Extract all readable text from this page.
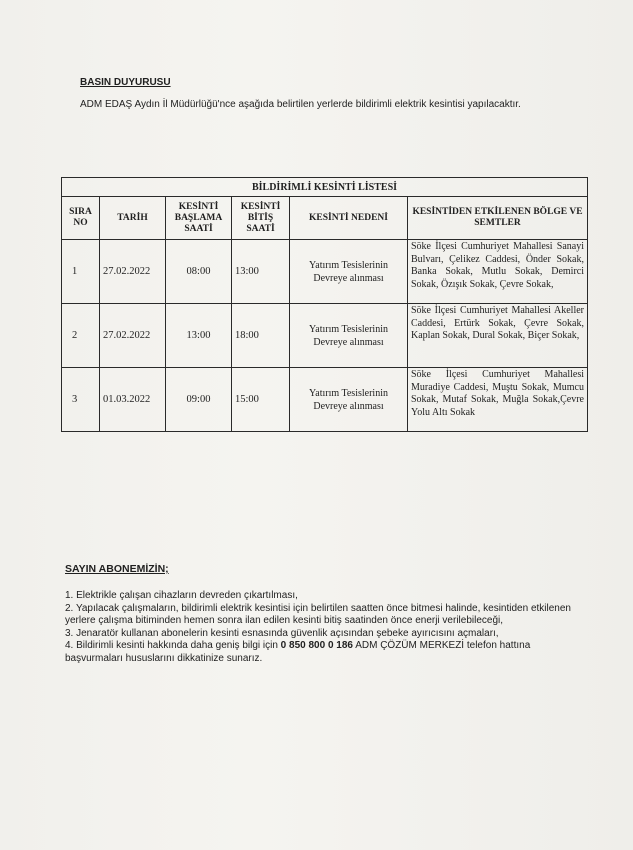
BASIN DUYURUSU
ADM EDAŞ Aydın İl Müdürlüğü'nce aşağıda belirtilen yerlerde bildirimli elektrik kesintisi yapılacaktır.
BİLDİRİMLİ KESİNTİ LİSTESİ					
SIRA NO	TARİH	KESİNTİ BAŞLAMA SAATİ	KESİNTİ BİTİŞ SAATİ	KESİNTİ NEDENİ	KESİNTİDEN ETKİLENEN BÖLGE VE SEMTLER
1	27.02.2022	08:00	13:00	Yatırım Tesislerinin Devreye alınması	Söke İlçesi Cumhuriyet Mahallesi Sanayi Bulvarı, Çelikez Caddesi, Önder Sokak, Banka Sokak, Mutlu Sokak, Demirci Sokak, Özışık Sokak, Çevre Sokak,
2	27.02.2022	13:00	18:00	Yatırım Tesislerinin Devreye alınması	Söke İlçesi Cumhuriyet Mahallesi Akeller Caddesi, Ertürk Sokak, Çevre Sokak, Kaplan Sokak, Dural Sokak, Biçer Sokak,
3	01.03.2022	09:00	15:00	Yatırım Tesislerinin Devreye alınması	Söke İlçesi Cumhuriyet Mahallesi Muradiye Caddesi, Muştu Sokak, Mumcu Sokak, Mutaf Sokak, Muğla Sokak,Çevre Yolu Altı Sokak
SAYIN ABONEMİZİN;

1. Elektrikle çalışan cihazların devreden çıkartılması,

2. Yapılacak çalışmaların, bildirimli elektrik kesintisi için belirtilen saatten önce bitmesi halinde, kesintiden etkilenen yerlere çalışma bitiminden hemen sonra ilan edilen kesinti bitiş saatinden önce enerji verilebileceği,

3. Jenaratör kullanan abonelerin kesinti esnasında güvenlik açısından şebeke ayırıcısını açmaları,

4. Bildirimli kesinti hakkında daha geniş bilgi için 0 850 800 0 186 ADM ÇÖZÜM MERKEZİ telefon hattına başvurmaları hususlarını dikkatinize sunarız.
